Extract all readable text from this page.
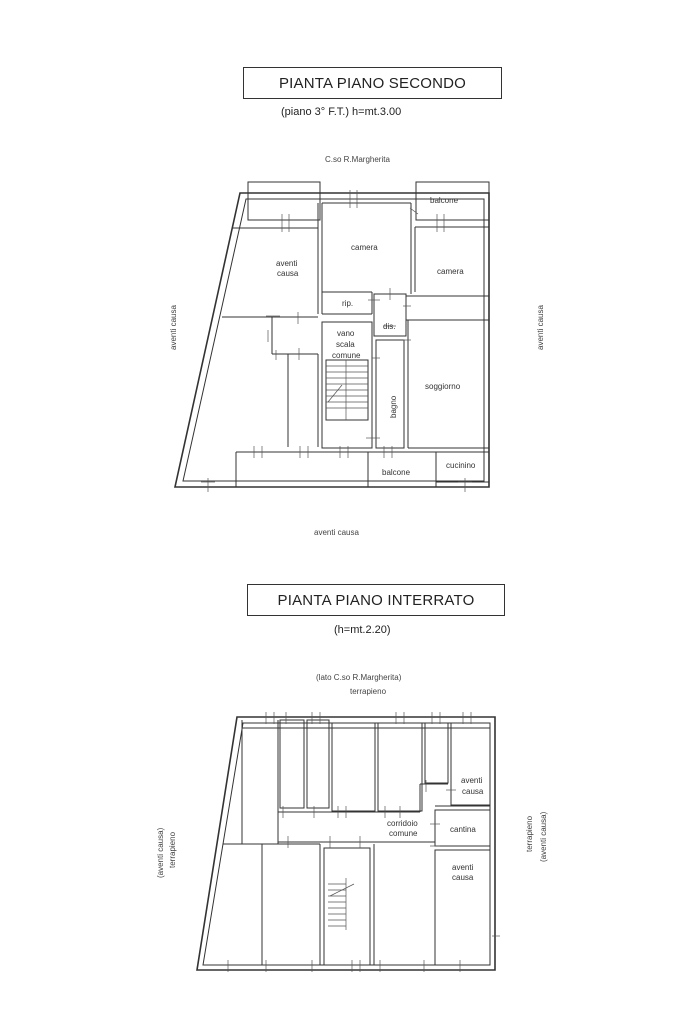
PIANTA PIANO SECONDO
(piano 3° F.T.) h=mt.3.00
PIANTA PIANO INTERRATO
(h=mt.2.20)
balcone
camera
camera
aventi
causa
rip.
dis.
vano
scala
comune
soggiorno
bagno
balcone
cucinino
C.so R.Margherita
aventi causa	aventi causa
aventi causa
aventi
causa
corridoio
comune	cantina
aventi
causa
(lato C.so R.Margherita)
terrapieno
(aventi causa) terrapieno	terrapieno (aventi causa)
